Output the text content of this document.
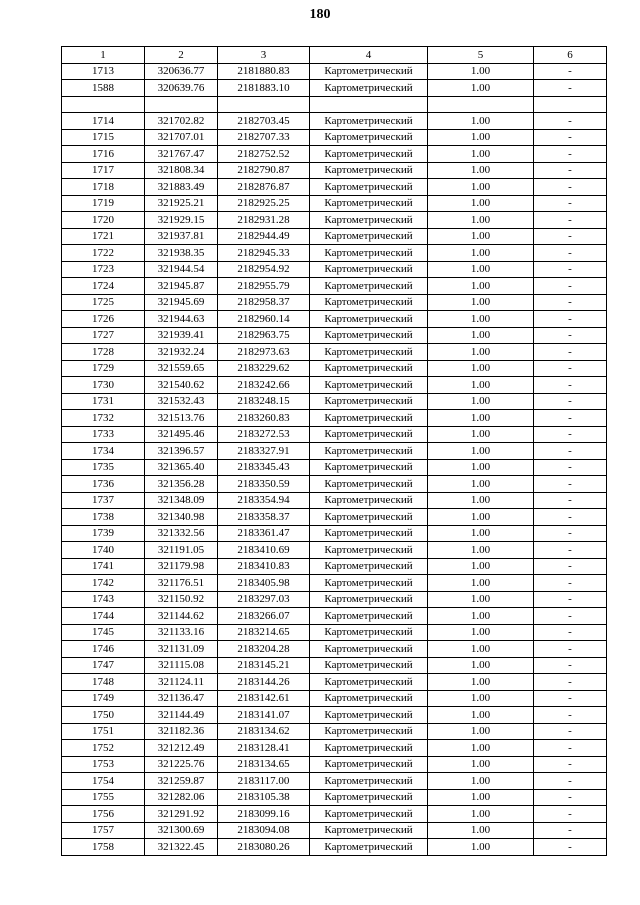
180
1	2	3	4	5	6
1713	320636.77	2181880.83	Картометрический	1.00	-
1588	320639.76	2181883.10	Картометрический	1.00	-

1714	321702.82	2182703.45	Картометрический	1.00	-
1715	321707.01	2182707.33	Картометрический	1.00	-
1716	321767.47	2182752.52	Картометрический	1.00	-
1717	321808.34	2182790.87	Картометрический	1.00	-
1718	321883.49	2182876.87	Картометрический	1.00	-
1719	321925.21	2182925.25	Картометрический	1.00	-
1720	321929.15	2182931.28	Картометрический	1.00	-
1721	321937.81	2182944.49	Картометрический	1.00	-
1722	321938.35	2182945.33	Картометрический	1.00	-
1723	321944.54	2182954.92	Картометрический	1.00	-
1724	321945.87	2182955.79	Картометрический	1.00	-
1725	321945.69	2182958.37	Картометрический	1.00	-
1726	321944.63	2182960.14	Картометрический	1.00	-
1727	321939.41	2182963.75	Картометрический	1.00	-
1728	321932.24	2182973.63	Картометрический	1.00	-
1729	321559.65	2183229.62	Картометрический	1.00	-
1730	321540.62	2183242.66	Картометрический	1.00	-
1731	321532.43	2183248.15	Картометрический	1.00	-
1732	321513.76	2183260.83	Картометрический	1.00	-
1733	321495.46	2183272.53	Картометрический	1.00	-
1734	321396.57	2183327.91	Картометрический	1.00	-
1735	321365.40	2183345.43	Картометрический	1.00	-
1736	321356.28	2183350.59	Картометрический	1.00	-
1737	321348.09	2183354.94	Картометрический	1.00	-
1738	321340.98	2183358.37	Картометрический	1.00	-
1739	321332.56	2183361.47	Картометрический	1.00	-
1740	321191.05	2183410.69	Картометрический	1.00	-
1741	321179.98	2183410.83	Картометрический	1.00	-
1742	321176.51	2183405.98	Картометрический	1.00	-
1743	321150.92	2183297.03	Картометрический	1.00	-
1744	321144.62	2183266.07	Картометрический	1.00	-
1745	321133.16	2183214.65	Картометрический	1.00	-
1746	321131.09	2183204.28	Картометрический	1.00	-
1747	321115.08	2183145.21	Картометрический	1.00	-
1748	321124.11	2183144.26	Картометрический	1.00	-
1749	321136.47	2183142.61	Картометрический	1.00	-
1750	321144.49	2183141.07	Картометрический	1.00	-
1751	321182.36	2183134.62	Картометрический	1.00	-
1752	321212.49	2183128.41	Картометрический	1.00	-
1753	321225.76	2183134.65	Картометрический	1.00	-
1754	321259.87	2183117.00	Картометрический	1.00	-
1755	321282.06	2183105.38	Картометрический	1.00	-
1756	321291.92	2183099.16	Картометрический	1.00	-
1757	321300.69	2183094.08	Картометрический	1.00	-
1758	321322.45	2183080.26	Картометрический	1.00	-
